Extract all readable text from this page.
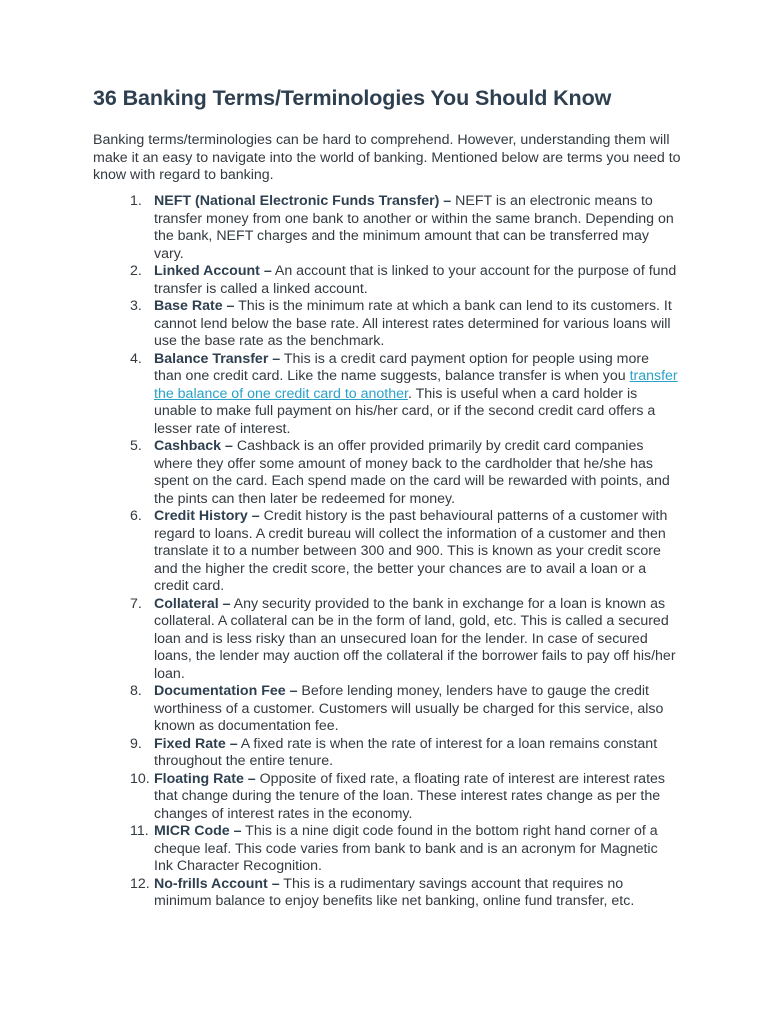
36 Banking Terms/Terminologies You Should Know

Banking terms/terminologies can be hard to comprehend. However, understanding them will make it an easy to navigate into the world of banking. Mentioned below are terms you need to know with regard to banking.

1. NEFT (National Electronic Funds Transfer) – NEFT is an electronic means to transfer money from one bank to another or within the same branch. Depending on the bank, NEFT charges and the minimum amount that can be transferred may vary.
2. Linked Account – An account that is linked to your account for the purpose of fund transfer is called a linked account.
3. Base Rate – This is the minimum rate at which a bank can lend to its customers. It cannot lend below the base rate. All interest rates determined for various loans will use the base rate as the benchmark.
4. Balance Transfer – This is a credit card payment option for people using more than one credit card. Like the name suggests, balance transfer is when you transfer the balance of one credit card to another. This is useful when a card holder is unable to make full payment on his/her card, or if the second credit card offers a lesser rate of interest.
5. Cashback – Cashback is an offer provided primarily by credit card companies where they offer some amount of money back to the cardholder that he/she has spent on the card. Each spend made on the card will be rewarded with points, and the pints can then later be redeemed for money.
6. Credit History – Credit history is the past behavioural patterns of a customer with regard to loans. A credit bureau will collect the information of a customer and then translate it to a number between 300 and 900. This is known as your credit score and the higher the credit score, the better your chances are to avail a loan or a credit card.
7. Collateral – Any security provided to the bank in exchange for a loan is known as collateral. A collateral can be in the form of land, gold, etc. This is called a secured loan and is less risky than an unsecured loan for the lender. In case of secured loans, the lender may auction off the collateral if the borrower fails to pay off his/her loan.
8. Documentation Fee – Before lending money, lenders have to gauge the credit worthiness of a customer. Customers will usually be charged for this service, also known as documentation fee.
9. Fixed Rate – A fixed rate is when the rate of interest for a loan remains constant throughout the entire tenure.
10. Floating Rate – Opposite of fixed rate, a floating rate of interest are interest rates that change during the tenure of the loan. These interest rates change as per the changes of interest rates in the economy.
11. MICR Code – This is a nine digit code found in the bottom right hand corner of a cheque leaf. This code varies from bank to bank and is an acronym for Magnetic Ink Character Recognition.
12. No-frills Account – This is a rudimentary savings account that requires no minimum balance to enjoy benefits like net banking, online fund transfer, etc.
